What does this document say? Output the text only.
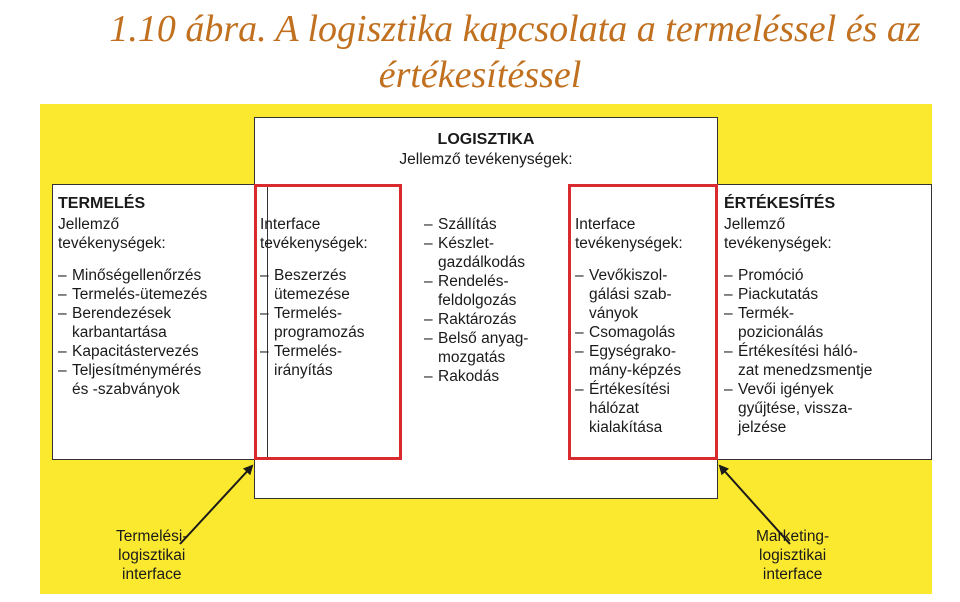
1.10 ábra. A logisztika kapcsolata a termeléssel és az
értékesítéssel
LOGISZTIKA
Jellemző tevékenységek:
TERMELÉS
Jellemző
tevékenységek:
– Minőségellenőrzés
– Termelés-ütemezés
– Berendezések
karbantartása
– Kapacitástervezés
– Teljesítménymérés
és -szabványok
Interface
tevékenységek:
– Beszerzés
ütemezése
– Termelés-
programozás
– Termelés-
irányítás
– Szállítás
– Készlet-
gazdálkodás
– Rendelés-
feldolgozás
– Raktározás
– Belső anyag-
mozgatás
– Rakodás
Interface
tevékenységek:
– Vevőkiszol-
gálási szab-
ványok
– Csomagolás
– Egységrako-
mány-képzés
– Értékesítési
hálózat
kialakítása
ÉRTÉKESÍTÉS
Jellemző
tevékenységek:
– Promóció
– Piackutatás
– Termék-
pozicionálás
– Értékesítési háló-
zat menedzsmentje
– Vevői igények
gyűjtése, vissza-
jelzése
Termelési-
logisztikai
interface
Marketing-
logisztikai
interface
